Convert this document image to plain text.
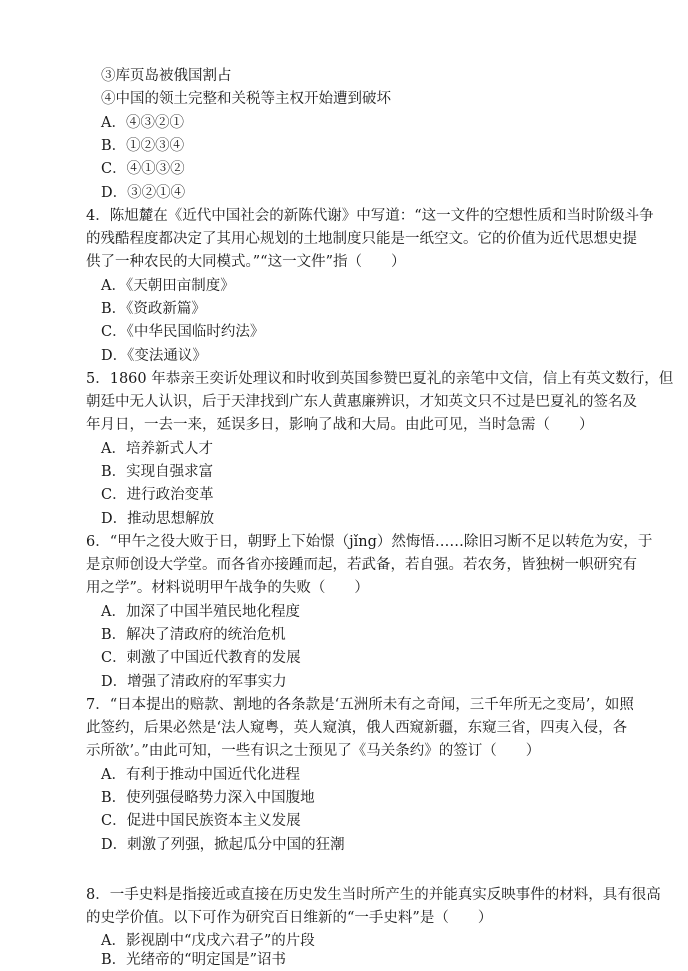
③库页岛被俄国割占
④中国的领土完整和关税等主权开始遭到破坏
A．④③②①
B．①②③④
C．④①③②
D．③②①④
4．陈旭麓在《近代中国社会的新陈代谢》中写道：“这一文件的空想性质和当时阶级斗争
的残酷程度都决定了其用心规划的土地制度只能是一纸空文。它的价值为近代思想史提
供了一种农民的大同模式。”“这一文件”指（　　）
A．《天朝田亩制度》
B．《资政新篇》
C．《中华民国临时约法》
D．《变法通议》
5．1860 年恭亲王奕䜣处理议和时收到英国参赞巴夏礼的亲笔中文信，信上有英文数行，但
朝廷中无人认识，后于天津找到广东人黄惠廉辨识，才知英文只不过是巴夏礼的签名及
年月日，一去一来，延误多日，影响了战和大局。由此可见，当时急需（　　）
A．培养新式人才
B．实现自强求富
C．进行政治变革
D．推动思想解放
6．“甲午之役大败于日，朝野上下始憬（jǐng）然悔悟……除旧习断不足以转危为安，于
是京师创设大学堂。而各省亦接踵而起，若武备，若自强。若农务，皆独树一帜研究有
用之学”。材料说明甲午战争的失败（　　）
A．加深了中国半殖民地化程度
B．解决了清政府的统治危机
C．刺激了中国近代教育的发展
D．增强了清政府的军事实力
7．“日本提出的赔款、割地的各条款是‘五洲所未有之奇闻，三千年所无之变局’，如照
此签约，后果必然是‘法人窥粤，英人窥滇，俄人西窥新疆，东窥三省，四夷入侵，各
示所欲’。”由此可知，一些有识之士预见了《马关条约》的签订（　　）
A．有利于推动中国近代化进程
B．使列强侵略势力深入中国腹地
C．促进中国民族资本主义发展
D．刺激了列强，掀起瓜分中国的狂潮
8．一手史料是指接近或直接在历史发生当时所产生的并能真实反映事件的材料，具有很高
的史学价值。以下可作为研究百日维新的“一手史料”是（　　）
A．影视剧中“戊戌六君子”的片段
B．光绪帝的“明定国是”诏书
